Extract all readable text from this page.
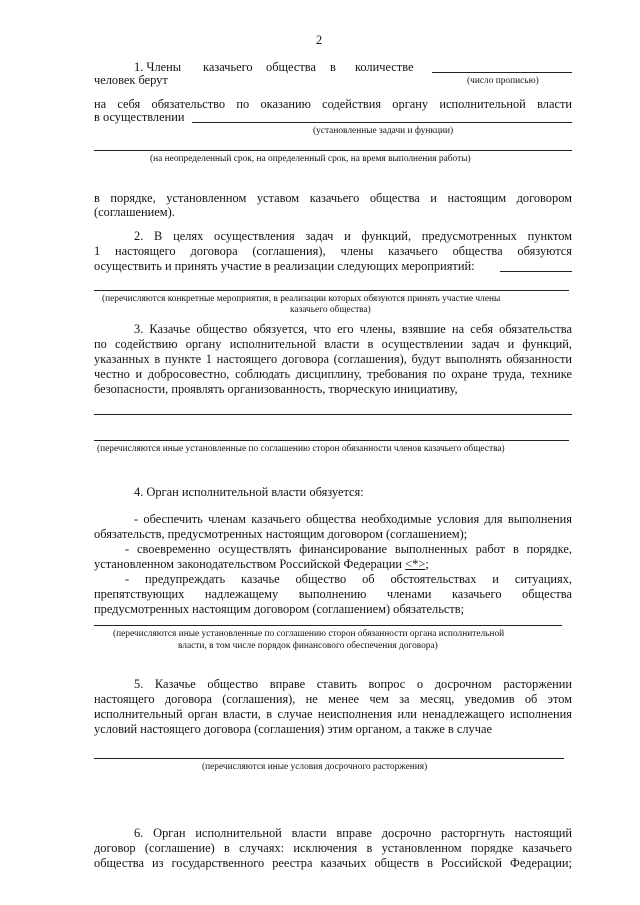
2
1. Члены казачьего общества в количестве
человек берут	(число прописью)
на себя обязательство по оказанию содействия органу исполнительной власти
в осуществлении
(установленные задачи и функции)
(на неопределенный срок, на определенный срок, на время выполнения работы)
в порядке, установленном уставом казачьего общества и настоящим договором
(соглашением).
2. В целях осуществления задач и функций, предусмотренных пунктом
1 настоящего договора (соглашения), члены казачьего общества обязуются
осуществить и принять участие в реализации следующих мероприятий:
(перечисляются конкретные мероприятия, в реализации которых обязуются принять участие члены
казачьего общества)
3. Казачье общество обязуется, что его члены, взявшие на себя обязательства
по содействию органу исполнительной власти в осуществлении задач и функций,
указанных в пункте 1 настоящего договора (соглашения), будут выполнять обязанности
честно и добросовестно, соблюдать дисциплину, требования по охране труда, технике
безопасности, проявлять организованность, творческую инициативу,
(перечисляются иные установленные по соглашению сторон обязанности членов казачьего общества)
4. Орган исполнительной власти обязуется:
- обеспечить членам казачьего общества необходимые условия для выполнения
обязательств, предусмотренных настоящим договором (соглашением);
- своевременно осуществлять финансирование выполненных работ в порядке,
установленном законодательством Российской Федерации <*>;
- предупреждать казачье общество об обстоятельствах и ситуациях,
препятствующих надлежащему выполнению членами казачьего общества
предусмотренных настоящим договором (соглашением) обязательств;
(перечисляются иные установленные по соглашению сторон обязанности органа исполнительной
власти, в том числе порядок финансового обеспечения договора)
5. Казачье общество вправе ставить вопрос о досрочном расторжении
настоящего договора (соглашения), не менее чем за месяц, уведомив об этом
исполнительный орган власти, в случае неисполнения или ненадлежащего исполнения
условий настоящего договора (соглашения) этим органом, а также в случае
(перечисляются иные условия досрочного расторжения)
6. Орган исполнительной власти вправе досрочно расторгнуть настоящий
договор (соглашение) в случаях: исключения в установленном порядке казачьего
общества из государственного реестра казачьих обществ в Российской Федерации;
